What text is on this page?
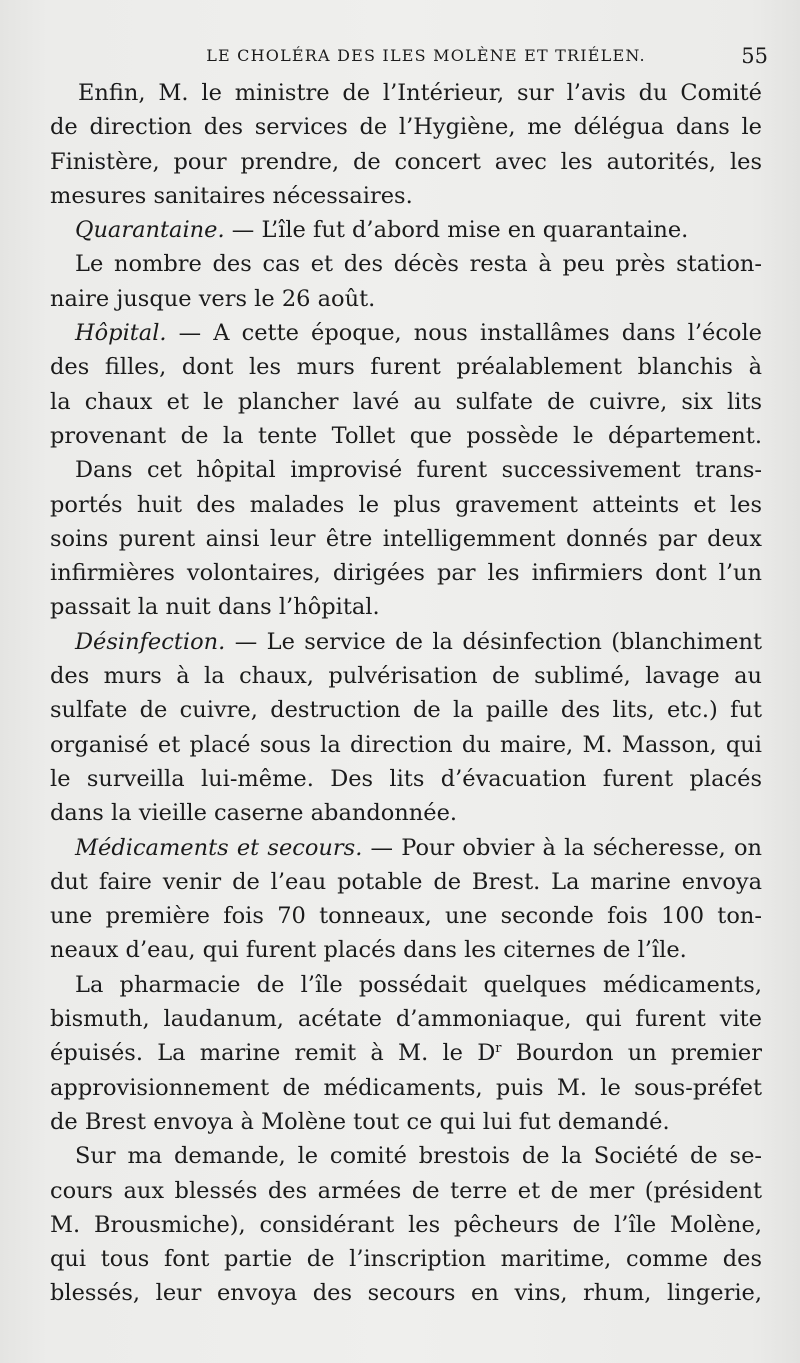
LE CHOLÉRA DES ILES MOLÈNE ET TRIÉLEN.	55

Enfin, M. le ministre de l’Intérieur, sur l’avis du Comité

de direction des services de l’Hygiène, me délégua dans le

Finistère, pour prendre, de concert avec les autorités, les

mesures sanitaires nécessaires.

Quarantaine. — L’île fut d’abord mise en quarantaine.

Le nombre des cas et des décès resta à peu près station-

naire jusque vers le 26 août.

Hôpital. — A cette époque, nous installâmes dans l’école

des filles, dont les murs furent préalablement blanchis à

la chaux et le plancher lavé au sulfate de cuivre, six lits

provenant de la tente Tollet que possède le département.

Dans cet hôpital improvisé furent successivement trans-

portés huit des malades le plus gravement atteints et les

soins purent ainsi leur être intelligemment donnés par deux

infirmières volontaires, dirigées par les infirmiers dont l’un

passait la nuit dans l’hôpital.

Désinfection. — Le service de la désinfection (blanchiment

des murs à la chaux, pulvérisation de sublimé, lavage au

sulfate de cuivre, destruction de la paille des lits, etc.) fut

organisé et placé sous la direction du maire, M. Masson, qui

le surveilla lui-même. Des lits d’évacuation furent placés

dans la vieille caserne abandonnée.

Médicaments et secours. — Pour obvier à la sécheresse, on

dut faire venir de l’eau potable de Brest. La marine envoya

une première fois 70 tonneaux, une seconde fois 100 ton-

neaux d’eau, qui furent placés dans les citernes de l’île.

La pharmacie de l’île possédait quelques médicaments,

bismuth, laudanum, acétate d’ammoniaque, qui furent vite

épuisés. La marine remit à M. le $D^r$ Bourdon un premier

approvisionnement de médicaments, puis M. le sous-préfet

de Brest envoya à Molène tout ce qui lui fut demandé.

Sur ma demande, le comité brestois de la Société de se-

cours aux blessés des armées de terre et de mer (président

M. Brousmiche), considérant les pêcheurs de l’île Molène,

qui tous font partie de l’inscription maritime, comme des

blessés, leur envoya des secours en vins, rhum, lingerie,
